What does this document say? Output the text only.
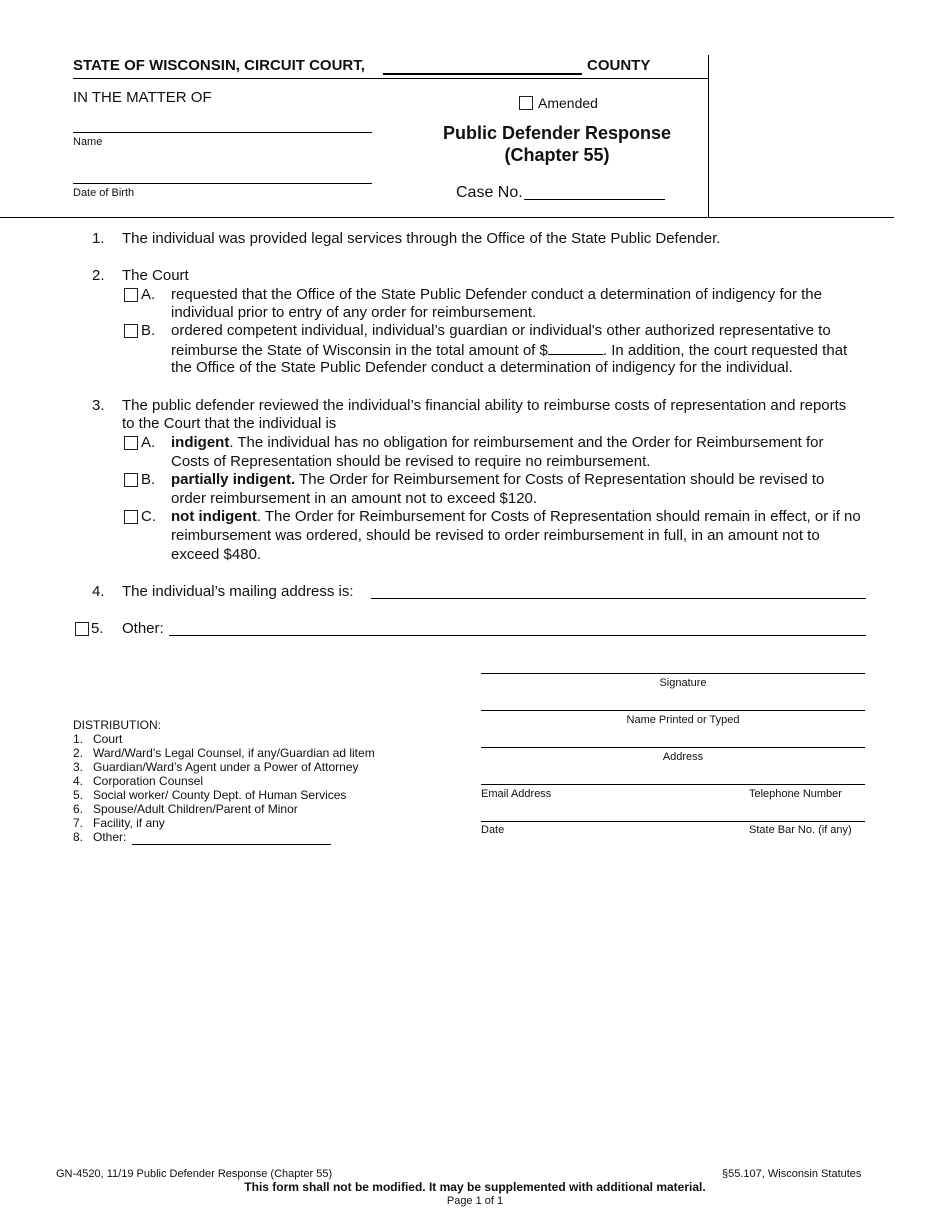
STATE OF WISCONSIN, CIRCUIT COURT,	COUNTY
IN THE MATTER OF
Name
Date of Birth
Amended
Public Defender Response
(Chapter 55)
Case No.
1. The individual was provided legal services through the Office of the State Public Defender.
2. The Court
A. requested that the Office of the State Public Defender conduct a determination of indigency for the
individual prior to entry of any order for reimbursement.
B. ordered competent individual, individual’s guardian or individual's other authorized representative to
reimburse the State of Wisconsin in the total amount of $	. In addition, the court requested that
the Office of the State Public Defender conduct a determination of indigency for the individual.
3. The public defender reviewed the individual’s financial ability to reimburse costs of representation and reports
to the Court that the individual is
A. indigent. The individual has no obligation for reimbursement and the Order for Reimbursement for
Costs of Representation should be revised to require no reimbursement.
B. partially indigent. The Order for Reimbursement for Costs of Representation should be revised to
order reimbursement in an amount not to exceed $120.
C. not indigent. The Order for Reimbursement for Costs of Representation should remain in effect, or if no
reimbursement was ordered, should be revised to order reimbursement in full, in an amount not to
exceed $480.
4. The individual’s mailing address is:
5. Other:
Signature
Name Printed or Typed
Address
Email Address	Telephone Number
Date	State Bar No. (if any)
DISTRIBUTION:
1. Court
2. Ward/Ward’s Legal Counsel, if any/Guardian ad litem
3. Guardian/Ward’s Agent under a Power of Attorney
4. Corporation Counsel
5. Social worker/ County Dept. of Human Services
6. Spouse/Adult Children/Parent of Minor
7. Facility, if any
8. Other:
GN-4520, 11/19 Public Defender Response (Chapter 55)	§55.107, Wisconsin Statutes
This form shall not be modified. It may be supplemented with additional material.
Page 1 of 1
